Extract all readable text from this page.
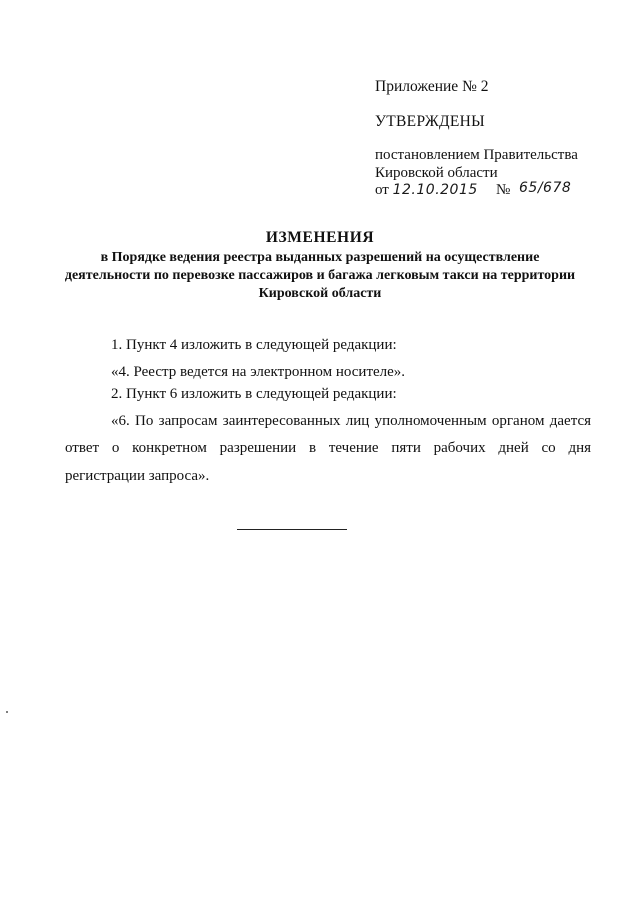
Приложение № 2
УТВЕРЖДЕНЫ
постановлением Правительства
Кировской области
от 12.10.2015 № 65/678
ИЗМЕНЕНИЯ
в Порядке ведения реестра выданных разрешений на осуществление деятельности по перевозке пассажиров и багажа легковым такси на территории Кировской области
1. Пункт 4 изложить в следующей редакции:
«4. Реестр ведется на электронном носителе».
2. Пункт 6 изложить в следующей редакции:
«6. По запросам заинтересованных лиц уполномоченным органом дается
ответ о конкретном разрешении в течение пяти рабочих дней со дня
регистрации запроса».
